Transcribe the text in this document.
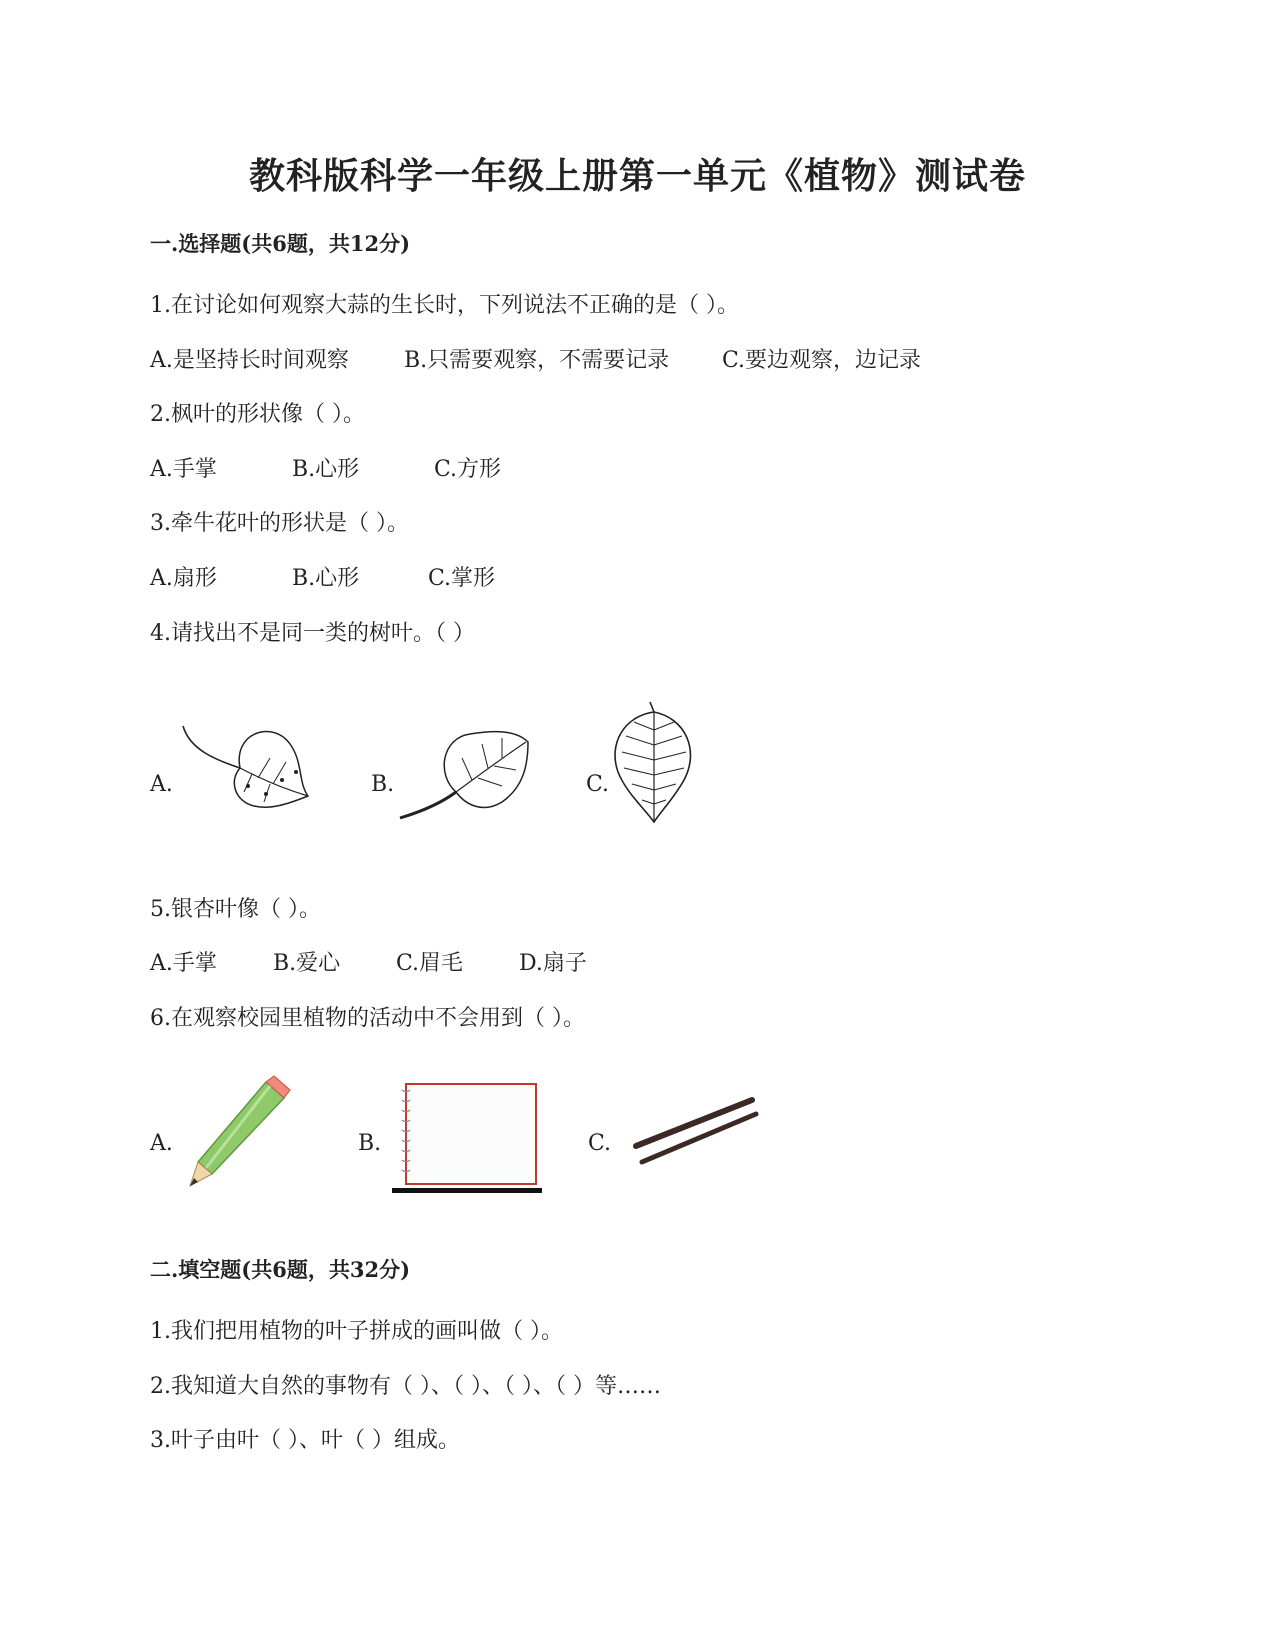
教科版科学一年级上册第一单元《植物》测试卷
一.选择题(共6题，共12分)
1.在讨论如何观察大蒜的生长时，下列说法不正确的是（ ）。
A.是坚持长时间观察	B.只需要观察，不需要记录 C.要边观察，边记录
2.枫叶的形状像（ ）。
A.手掌	B.心形	C.方形
3.牵牛花叶的形状是（ ）。
A.扇形	B.心形	C.掌形
4.请找出不是同一类的树叶。（ ）
A.	B.	C.
5.银杏叶像（ ）。
A.手掌	B.爱心	C.眉毛	D.扇子
6.在观察校园里植物的活动中不会用到（ ）。
A.	B.	C.
二.填空题(共6题，共32分)
1.我们把用植物的叶子拼成的画叫做（ ）。
2.我知道大自然的事物有（ ）、（ ）、（ ）、（ ）等……
3.叶子由叶（ ）、叶（ ）组成。
